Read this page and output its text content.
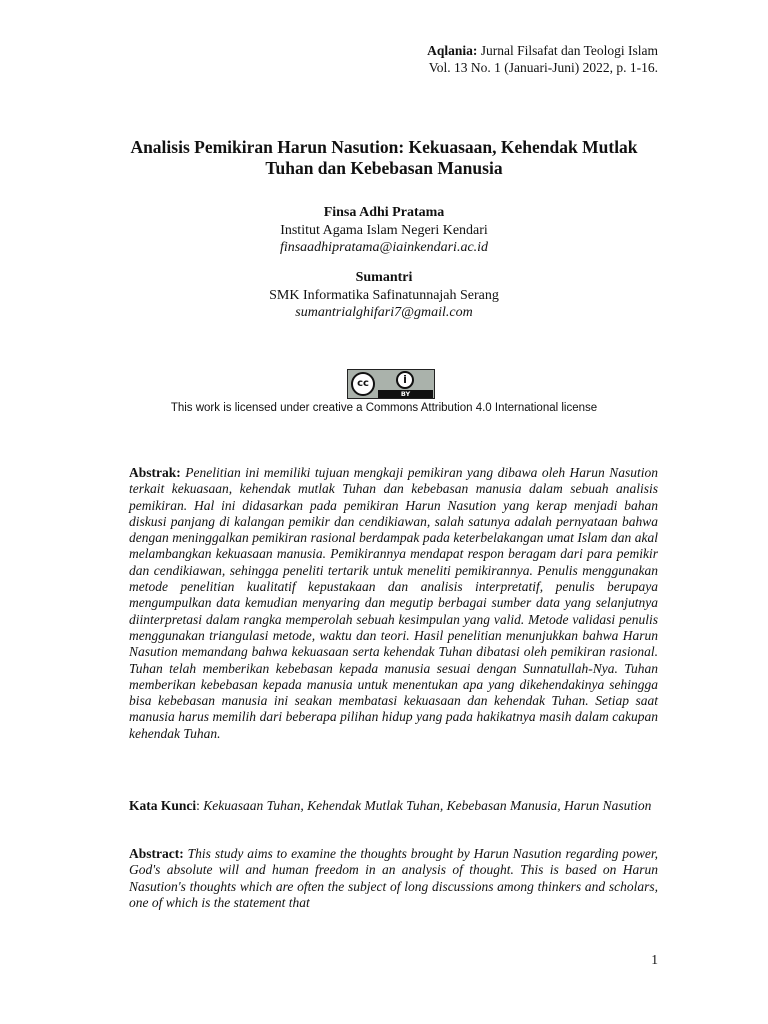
Aqlania: Jurnal Filsafat dan Teologi Islam
Vol. 13 No. 1 (Januari-Juni) 2022, p. 1-16.
Analisis Pemikiran Harun Nasution: Kekuasaan, Kehendak Mutlak
Tuhan dan Kebebasan Manusia
Finsa Adhi Pratama
Institut Agama Islam Negeri Kendari
finsaadhipratama@iainkendari.ac.id
Sumantri
SMK Informatika Safinatunnajah Serang
sumantrialghifari7@gmail.com
cc	i
BY
This work is licensed under creative a Commons Attribution 4.0 International license
Abstrak: Penelitian ini memiliki tujuan mengkaji pemikiran yang dibawa oleh Harun Nasution terkait kekuasaan, kehendak mutlak Tuhan dan kebebasan manusia dalam sebuah analisis pemikiran. Hal ini didasarkan pada pemikiran Harun Nasution yang kerap menjadi bahan diskusi panjang di kalangan pemikir dan cendikiawan, salah satunya adalah pernyataan bahwa dengan meninggalkan pemikiran rasional berdampak pada keterbelakangan umat Islam dan akal melambangkan kekuasaan manusia. Pemikirannya mendapat respon beragam dari para pemikir dan cendikiawan, sehingga peneliti tertarik untuk meneliti pemikirannya. Penulis menggunakan metode penelitian kualitatif kepustakaan dan analisis interpretatif, penulis berupaya mengumpulkan data kemudian menyaring dan megutip berbagai sumber data yang selanjutnya diinterpretasi dalam rangka memperolah sebuah kesimpulan yang valid. Metode validasi penulis menggunakan triangulasi metode, waktu dan teori. Hasil penelitian menunjukkan bahwa Harun Nasution memandang bahwa kekuasaan serta kehendak Tuhan dibatasi oleh pemikiran rasional. Tuhan telah memberikan kebebasan kepada manusia sesuai dengan Sunnatullah-Nya. Tuhan memberikan kebebasan kepada manusia untuk menentukan apa yang dikehendakinya sehingga bisa kebebasan manusia ini seakan membatasi kekuasaan dan kehendak Tuhan. Setiap saat manusia harus memilih dari beberapa pilihan hidup yang pada hakikatnya masih dalam cakupan kehendak Tuhan.
Kata Kunci: Kekuasaan Tuhan, Kehendak Mutlak Tuhan, Kebebasan Manusia, Harun Nasution
Abstract: This study aims to examine the thoughts brought by Harun Nasution regarding power, God's absolute will and human freedom in an analysis of thought. This is based on Harun Nasution's thoughts which are often the subject of long discussions among thinkers and scholars, one of which is the statement that
1
